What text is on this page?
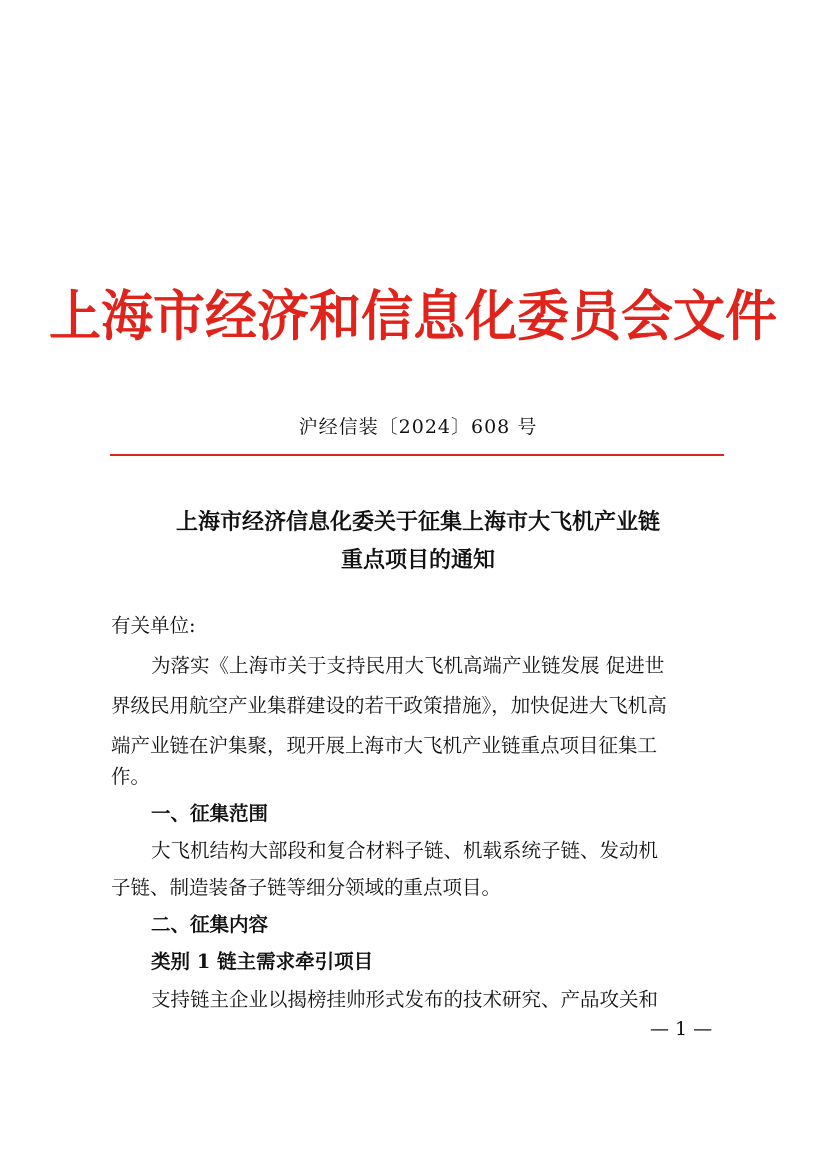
上海市经济和信息化委员会文件
沪经信装〔2024〕608 号
上海市经济信息化委关于征集上海市大飞机产业链
重点项目的通知
有关单位:
为落实《上海市关于支持民用大飞机高端产业链发展 促进世
界级民用航空产业集群建设的若干政策措施》，加快促进大飞机高
端产业链在沪集聚，现开展上海市大飞机产业链重点项目征集工
作。
一、征集范围
大飞机结构大部段和复合材料子链、机载系统子链、发动机
子链、制造装备子链等细分领域的重点项目。
二、征集内容
类别 1 链主需求牵引项目
支持链主企业以揭榜挂帅形式发布的技术研究、产品攻关和
— 1 —
